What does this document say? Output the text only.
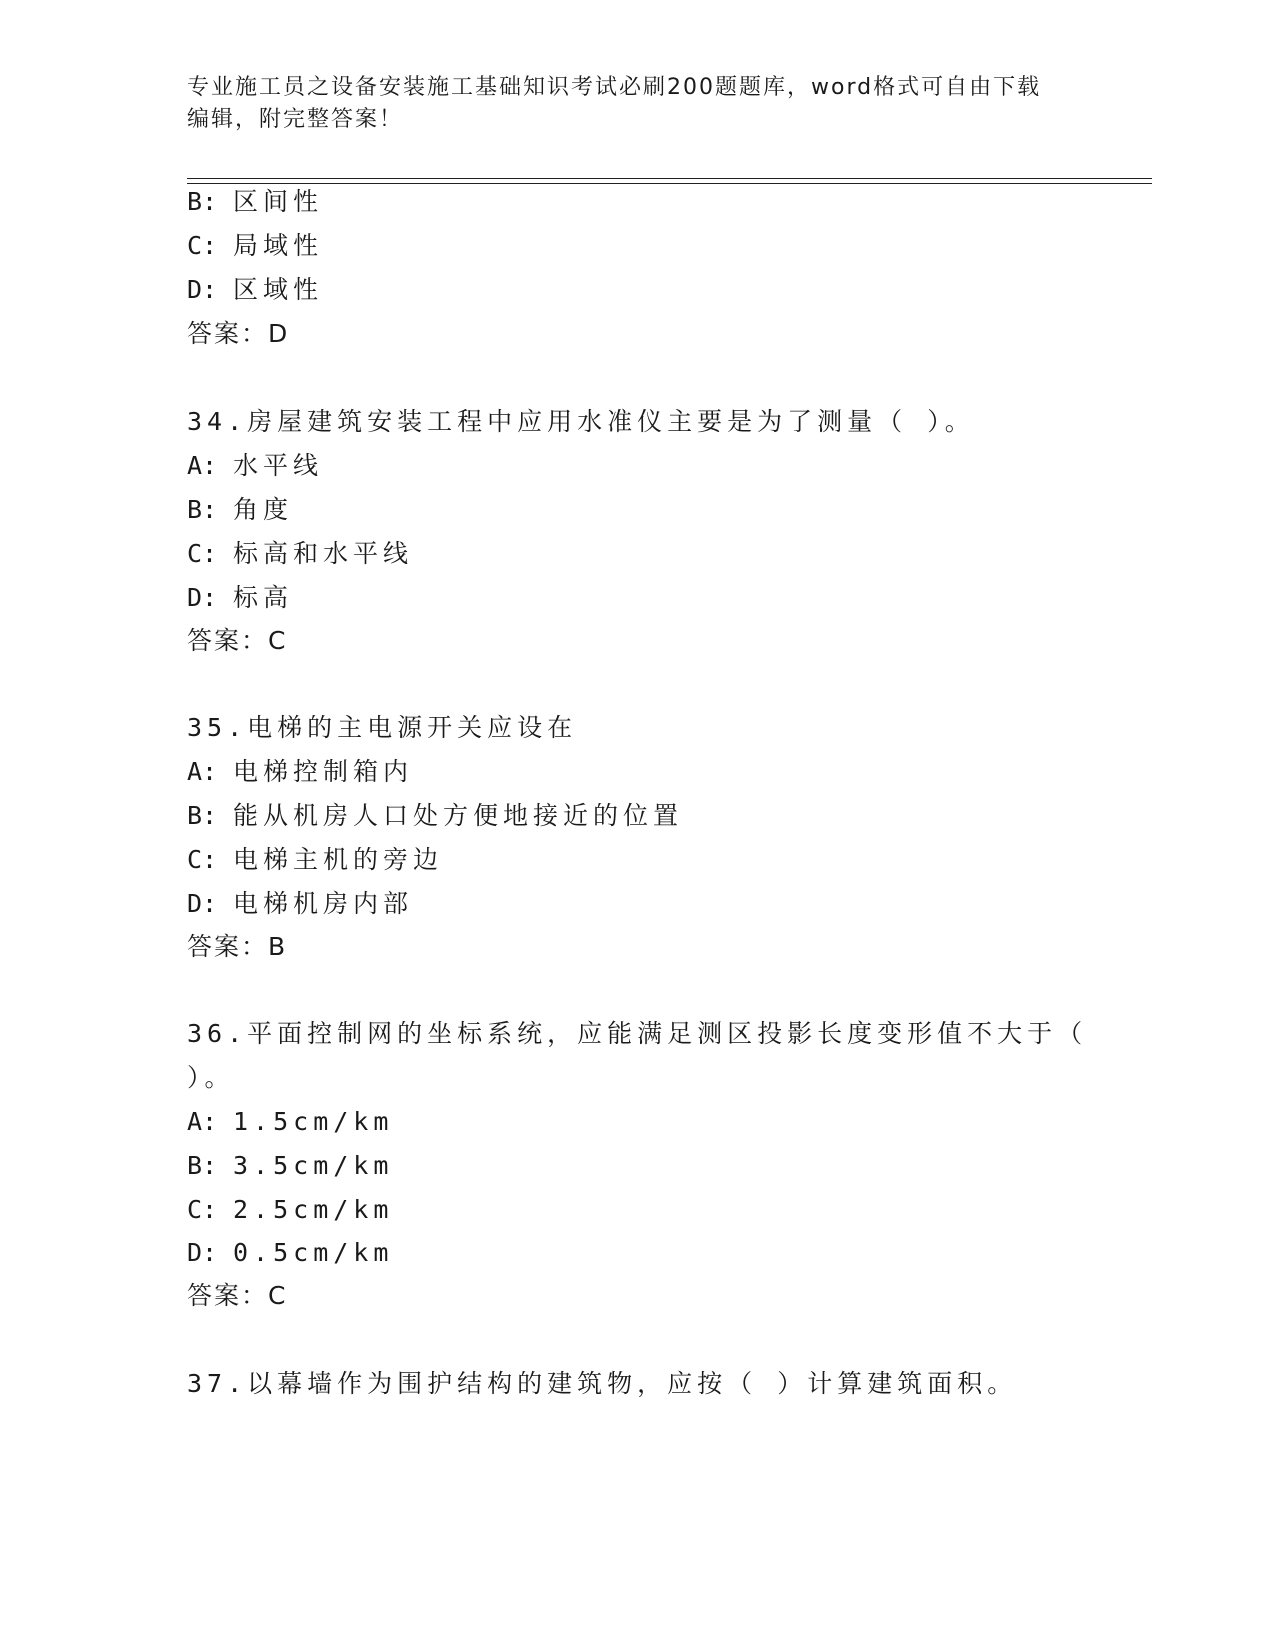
专业施工员之设备安装施工基础知识考试必刷200题题库，word格式可自由下载
编辑，附完整答案！
B: 区间性
C: 局域性
D: 区域性
答案：D
34.房屋建筑安装工程中应用水准仪主要是为了测量（ ）。
A: 水平线
B: 角度
C: 标高和水平线
D: 标高
答案：C
35.电梯的主电源开关应设在
A: 电梯控制箱内
B: 能从机房人口处方便地接近的位置
C: 电梯主机的旁边
D: 电梯机房内部
答案：B
36.平面控制网的坐标系统，应能满足测区投影长度变形值不大于（
）。
A: 1.5cm/km
B: 3.5cm/km
C: 2.5cm/km
D: 0.5cm/km
答案：C
37.以幕墙作为围护结构的建筑物，应按（ ）计算建筑面积。
